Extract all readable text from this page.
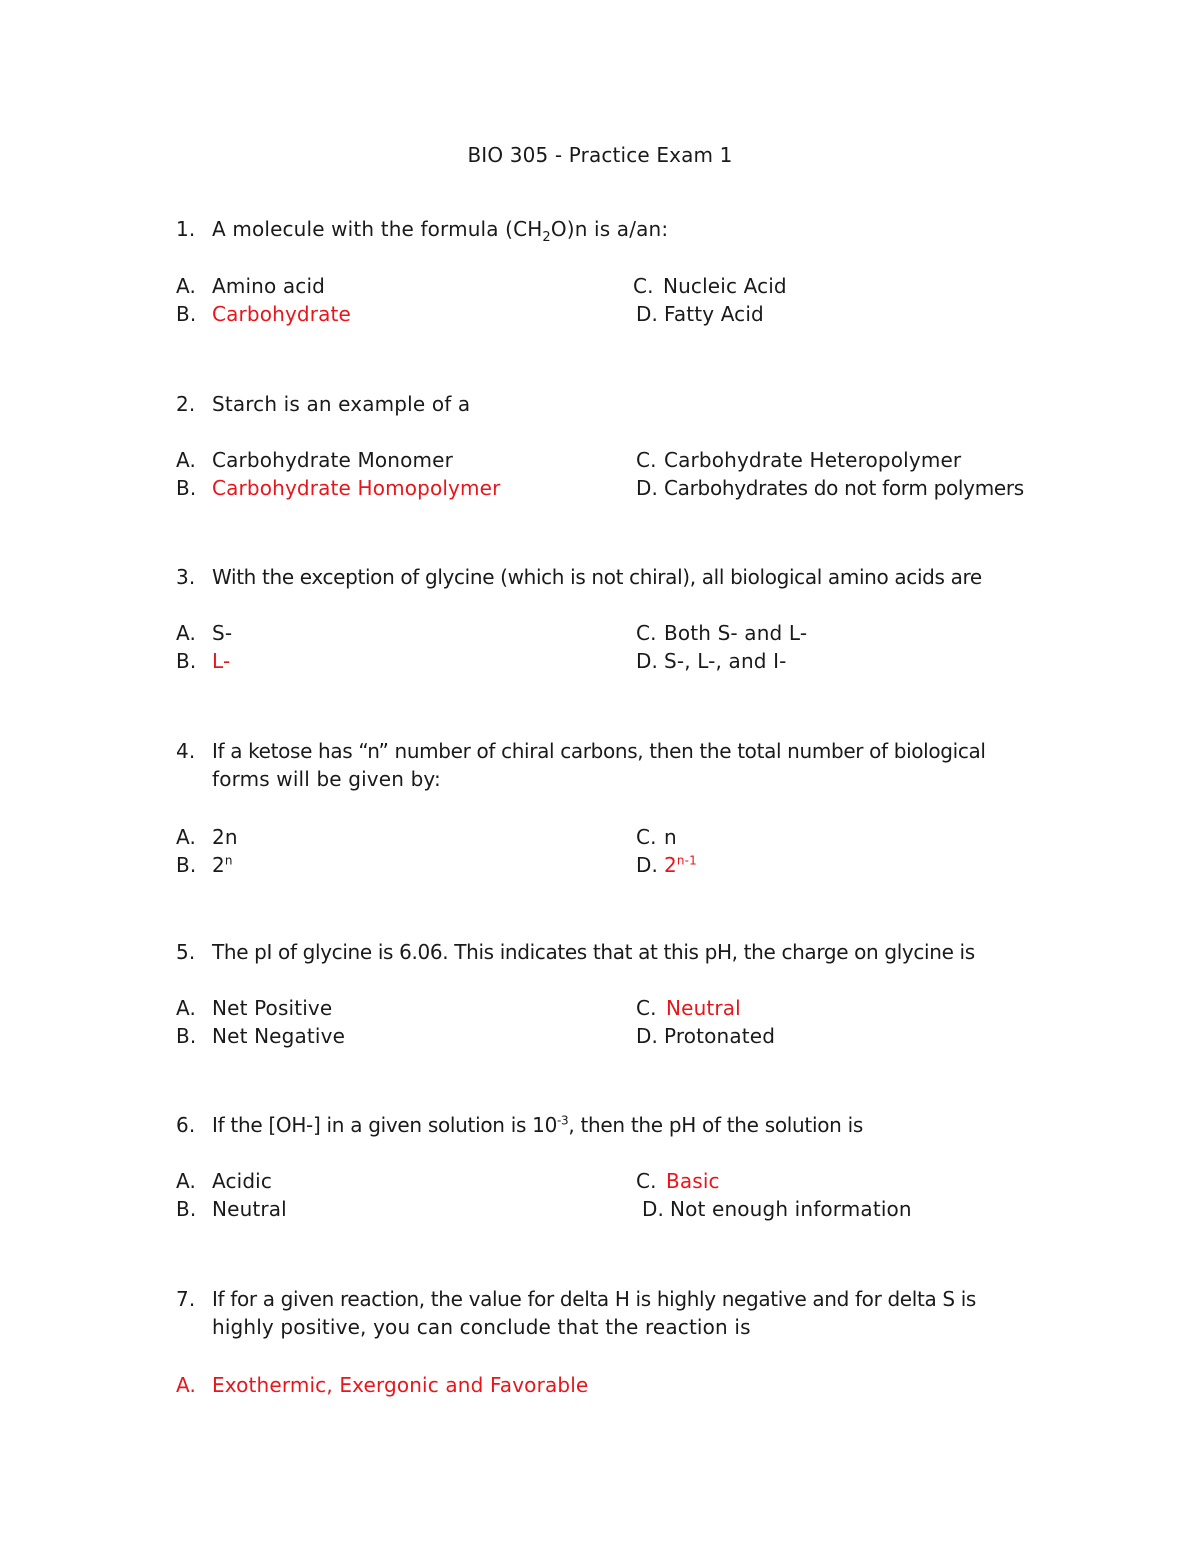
BIO 305 - Practice Exam 1
1. A molecule with the formula $(CH_2O)n$ is a/an:
A. Amino acid
B. Carbohydrate
C. Nucleic Acid
D. Fatty Acid
2. Starch is an example of a
A. Carbohydrate Monomer
B. Carbohydrate Homopolymer
C. Carbohydrate Heteropolymer
D. Carbohydrates do not form polymers
3. With the exception of glycine (which is not chiral), all biological amino acids are
A. S-
B. L-
C. Both S- and L-
D. S-, L-, and I-
4. If a ketose has “n” number of chiral carbons, then the total number of biological
forms will be given by:
A. 2n
B. 2$^n$
C. n
D. 2$^{n-1}$
5. The pI of glycine is 6.06. This indicates that at this pH, the charge on glycine is
A. Net Positive
B. Net Negative
C. Neutral
D. Protonated
6. If the [OH-] in a given solution is $10^{-3}$, then the pH of the solution is
A. Acidic
B. Neutral
C. Basic
D. Not enough information
7. If for a given reaction, the value for delta H is highly negative and for delta S is
highly positive, you can conclude that the reaction is
A. Exothermic, Exergonic and Favorable
